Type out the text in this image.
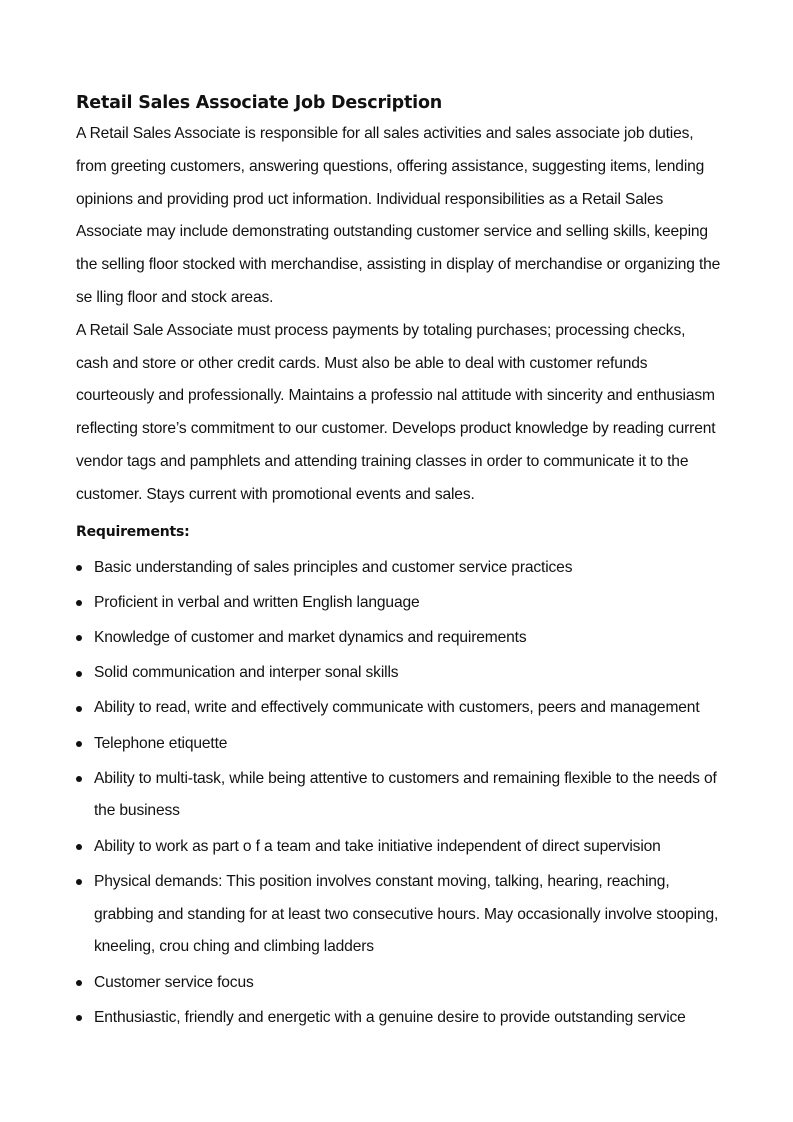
Retail Sales Associate Job Description

A Retail Sales Associate is responsible for all sales activities and sales associate job duties, from greeting customers, answering questions, offering assistance, suggesting items, lending opinions and providing prod uct information. Individual responsibilities as a Retail Sales Associate may include demonstrating outstanding customer service and selling skills, keeping the selling floor stocked with merchandise, assisting in display of merchandise or organizing the se lling floor and stock areas.

A Retail Sale Associate must process payments by totaling purchases; processing checks, cash and store or other credit cards. Must also be able to deal with customer refunds courteously and professionally. Maintains a professio nal attitude with sincerity and enthusiasm reflecting store’s commitment to our customer. Develops product knowledge by reading current vendor tags and pamphlets and attending training classes in order to communicate it to the customer. Stays current with promotional events and sales.

Requirements:
Basic understanding of sales principles and customer service practices
Proficient in verbal and written English language
Knowledge of customer and market dynamics and requirements
Solid communication and interper sonal skills
Ability to read, write and effectively communicate with customers, peers and management
Telephone etiquette
Ability to multi-task, while being attentive to customers and remaining flexible to the needs of the business
Ability to work as part o f a team and take initiative independent of direct supervision
Physical demands: This position involves constant moving, talking, hearing, reaching, grabbing and standing for at least two consecutive hours. May occasionally involve stooping, kneeling, crou ching and climbing ladders
Customer service focus
Enthusiastic, friendly and energetic with a genuine desire to provide outstanding service
